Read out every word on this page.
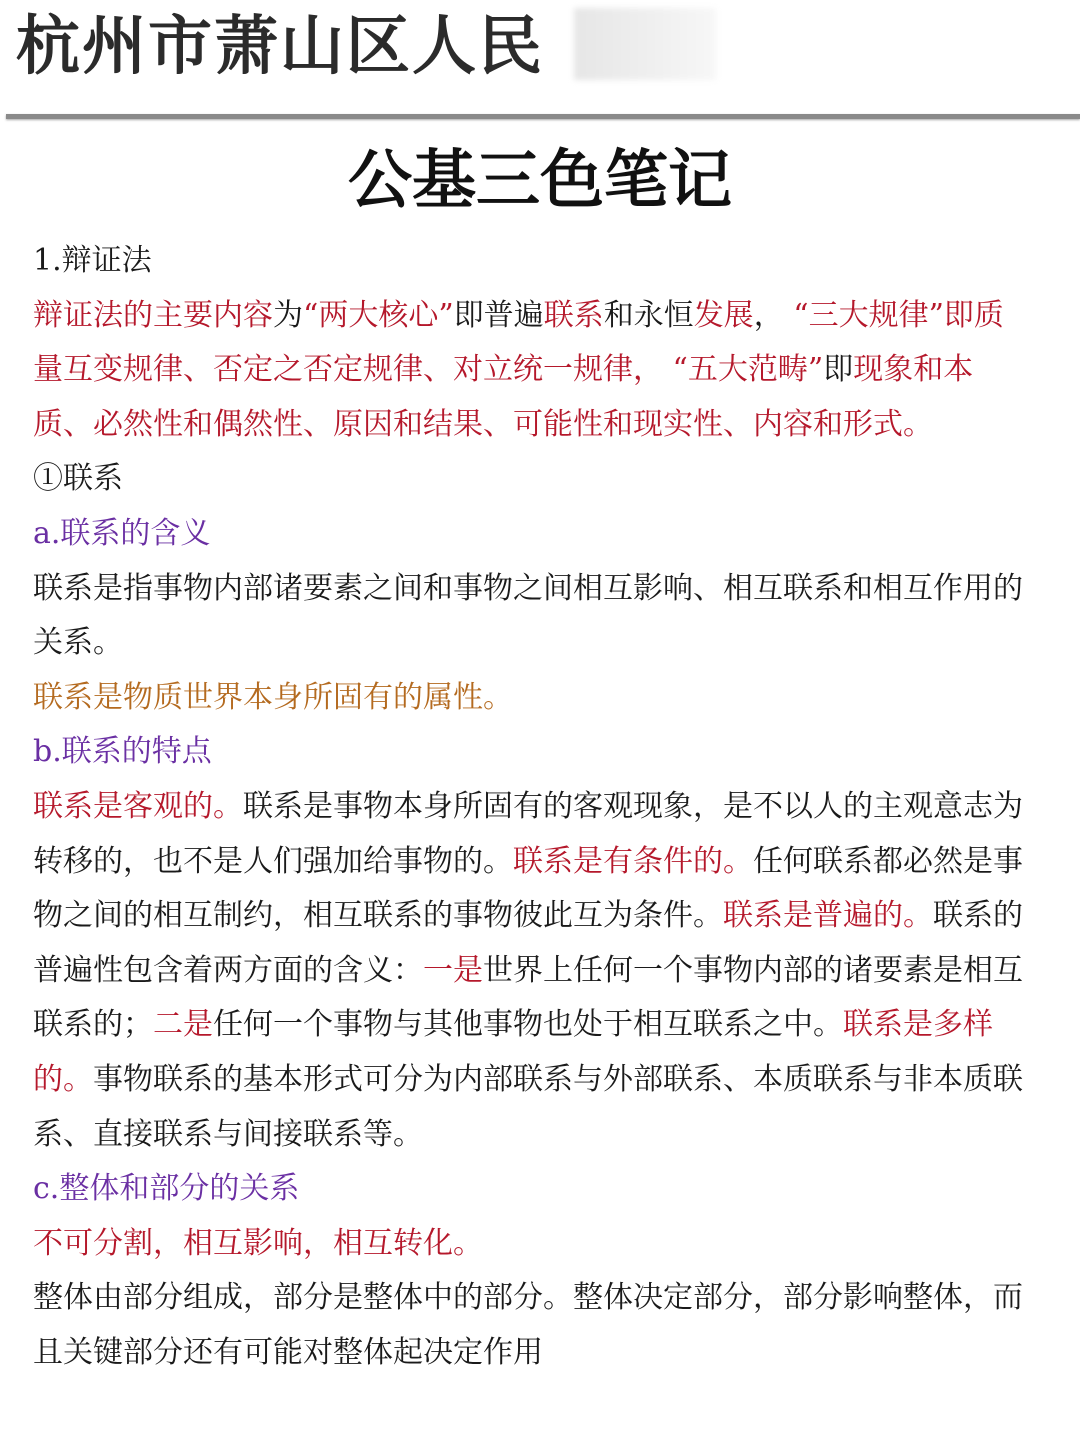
杭州市萧山区人民
公基三色笔记

1.辩证法

辩证法的主要内容为“两大核心”即普遍联系和永恒发展， “三大规律”即质量互变规律、否定之否定规律、对立统一规律， “五大范畴”即现象和本质、必然性和偶然性、原因和结果、可能性和现实性、内容和形式。

①联系

a.联系的含义

联系是指事物内部诸要素之间和事物之间相互影响、相互联系和相互作用的关系。

联系是物质世界本身所固有的属性。

b.联系的特点

联系是客观的。联系是事物本身所固有的客观现象，是不以人的主观意志为转移的，也不是人们强加给事物的。联系是有条件的。任何联系都必然是事物之间的相互制约，相互联系的事物彼此互为条件。联系是普遍的。联系的普遍性包含着两方面的含义：一是世界上任何一个事物内部的诸要素是相互联系的；二是任何一个事物与其他事物也处于相互联系之中。联系是多样的。事物联系的基本形式可分为内部联系与外部联系、本质联系与非本质联系、直接联系与间接联系等。

c.整体和部分的关系

不可分割，相互影响，相互转化。

整体由部分组成，部分是整体中的部分。整体决定部分，部分影响整体，而且关键部分还有可能对整体起决定作用
